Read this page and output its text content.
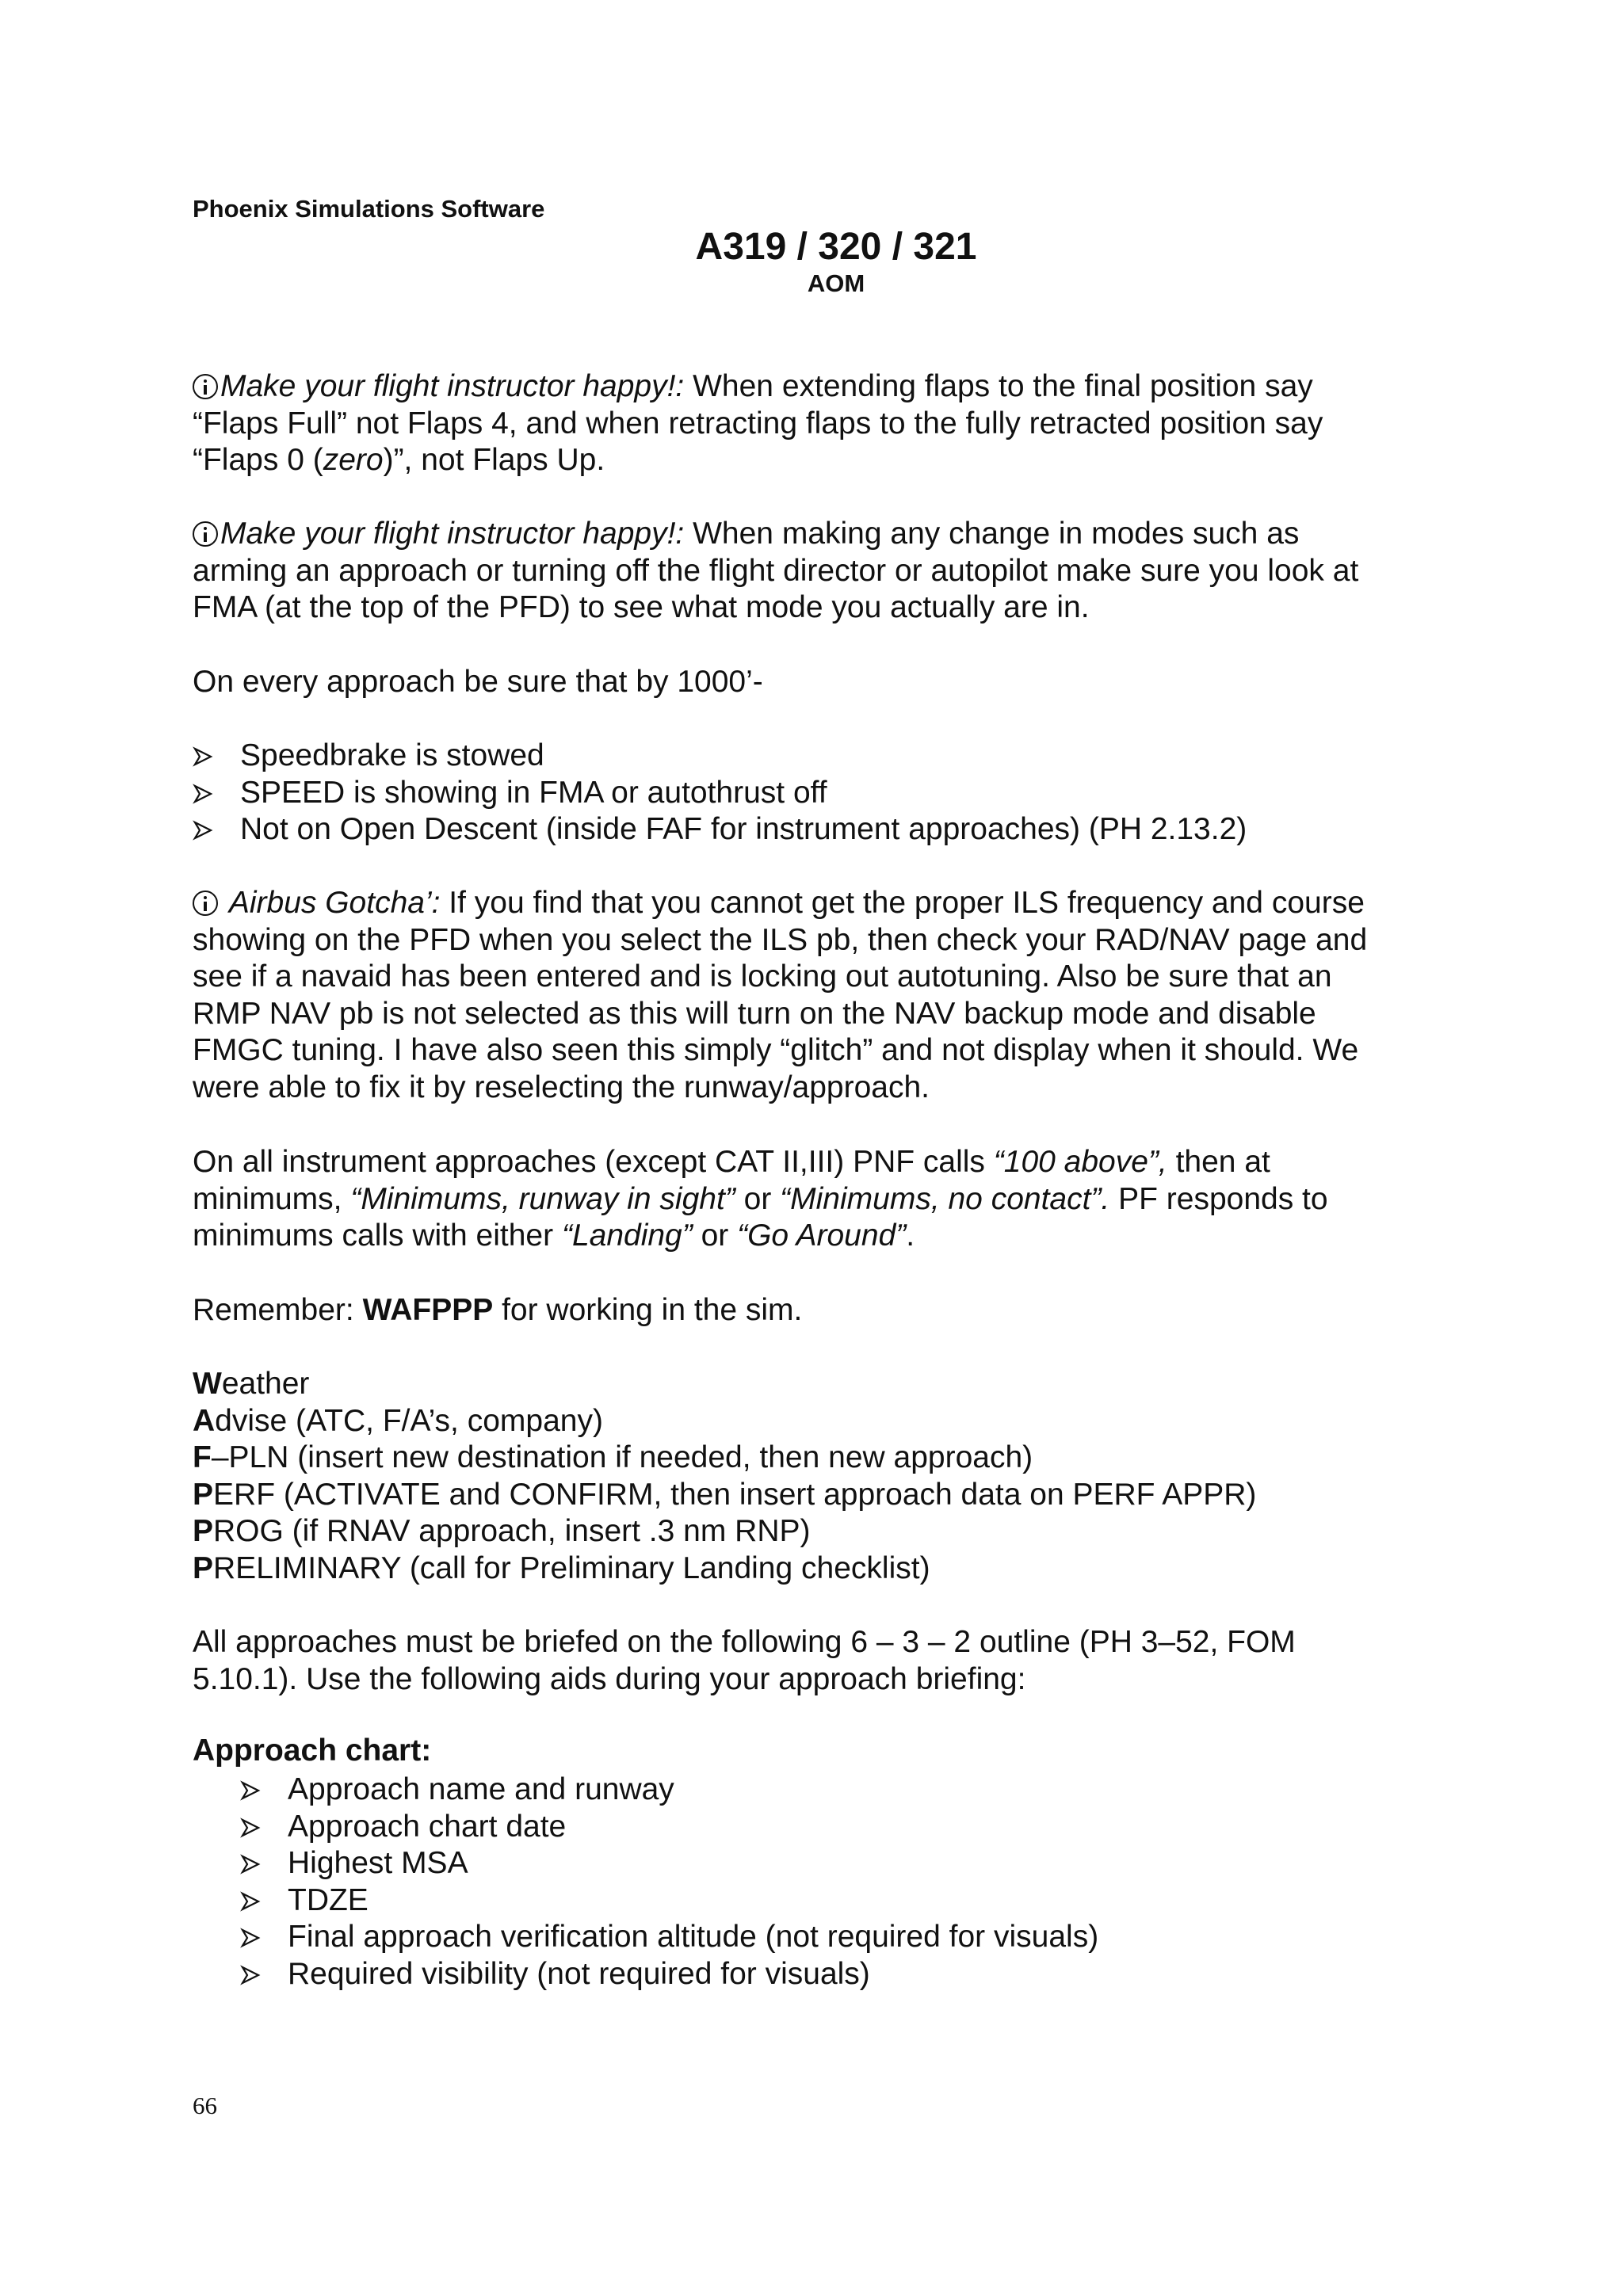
Phoenix Simulations Software
A319 / 320 / 321
AOM
Make your flight instructor happy!: When extending flaps to the final position say
“Flaps Full” not Flaps 4, and when retracting flaps to the fully retracted position say
“Flaps 0 (zero)”, not Flaps Up.
Make your flight instructor happy!: When making any change in modes such as
arming an approach or turning off the flight director or autopilot make sure you look at
FMA (at the top of the PFD) to see what mode you actually are in.
On every approach be sure that by 1000’-
Speedbrake is stowed
SPEED is showing in FMA or autothrust off
Not on Open Descent (inside FAF for instrument approaches) (PH 2.13.2)
Airbus Gotcha’: If you find that you cannot get the proper ILS frequency and course
showing on the PFD when you select the ILS pb, then check your RAD/NAV page and
see if a navaid has been entered and is locking out autotuning. Also be sure that an
RMP NAV pb is not selected as this will turn on the NAV backup mode and disable
FMGC tuning. I have also seen this simply “glitch” and not display when it should. We
were able to fix it by reselecting the runway/approach.
On all instrument approaches (except CAT II,III) PNF calls “100 above”, then at
minimums, “Minimums, runway in sight” or “Minimums, no contact”. PF responds to
minimums calls with either “Landing” or “Go Around”.
Remember: WAFPPP for working in the sim.
Weather
Advise (ATC, F/A’s, company)
F–PLN (insert new destination if needed, then new approach)
PERF (ACTIVATE and CONFIRM, then insert approach data on PERF APPR)
PROG (if RNAV approach, insert .3 nm RNP)
PRELIMINARY (call for Preliminary Landing checklist)
All approaches must be briefed on the following 6 – 3 – 2 outline (PH 3–52, FOM
5.10.1). Use the following aids during your approach briefing:
Approach chart:
Approach name and runway
Approach chart date
Highest MSA
TDZE
Final approach verification altitude (not required for visuals)
Required visibility (not required for visuals)
66
